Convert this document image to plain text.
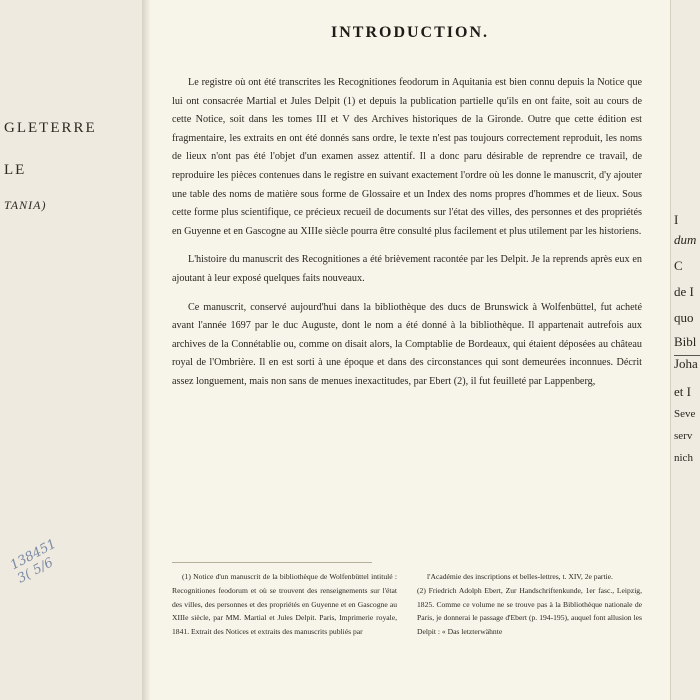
GLETERRE
LE
TANIA)
138451
3( 5/6
INTRODUCTION.

Le registre où ont été transcrites les Recognitiones feodorum in Aquitania est bien connu depuis la Notice que lui ont consacrée Martial et Jules Delpit (1) et depuis la publication partielle qu'ils en ont faite, soit au cours de cette Notice, soit dans les tomes III et V des Archives historiques de la Gironde. Outre que cette édition est fragmentaire, les extraits en ont été donnés sans ordre, le texte n'est pas toujours correctement reproduit, les noms de lieux n'ont pas été l'objet d'un examen assez attentif. Il a donc paru désirable de reprendre ce travail, de reproduire les pièces contenues dans le registre en suivant exactement l'ordre où les donne le manuscrit, d'y ajouter une table des noms de matière sous forme de Glossaire et un Index des noms propres d'hommes et de lieux. Sous cette forme plus scientifique, ce précieux recueil de documents sur l'état des villes, des personnes et des propriétés en Guyenne et en Gascogne au XIIIe siècle pourra être consulté plus facilement et plus utilement par les historiens.

L'histoire du manuscrit des Recognitiones a été brièvement racontée par les Delpit. Je la reprends après eux en ajoutant à leur exposé quelques faits nouveaux.

Ce manuscrit, conservé aujourd'hui dans la bibliothèque des ducs de Brunswick à Wolfenbüttel, fut acheté avant l'année 1697 par le duc Auguste, dont le nom a été donné à la bibliothèque. Il appartenait autrefois aux archives de la Connétablie ou, comme on disait alors, la Comptablie de Bordeaux, qui étaient déposées au château royal de l'Ombrière. Il en est sorti à une époque et dans des circonstances qui sont demeurées inconnues. Décrit assez longuement, mais non sans de menues inexactitudes, par Ebert (2), il fut feuilleté par Lappenberg,

(1) Notice d'un manuscrit de la bibliothèque de Wolfenbüttel intitulé : Recognitiones feodorum et où se trouvent des renseignements sur l'état des villes, des personnes et des propriétés en Guyenne et en Gascogne au XIIIe siècle, par MM. Martial et Jules Delpit. Paris, Imprimerie royale, 1841. Extrait des Notices et extraits des manuscrits publiés par

l'Académie des inscriptions et belles-lettres, t. XIV, 2e partie.
(2) Friedrich Adolph Ebert, Zur Handschriftenkunde, 1er fasc., Leipzig, 1825. Comme ce volume ne se trouve pas à la Bibliothèque nationale de Paris, je donnerai le passage d'Ebert (p. 194-195), auquel font allusion les Delpit : « Das letzterwähnte

I
dum
C
de I
quo
Bibl
Joha
et I
Seve
serv
nich
